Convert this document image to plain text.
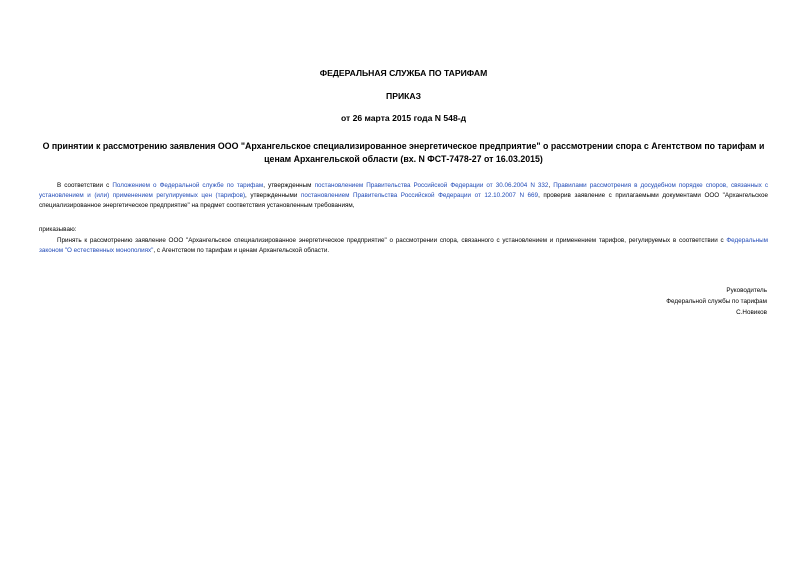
ФЕДЕРАЛЬНАЯ СЛУЖБА ПО ТАРИФАМ
ПРИКАЗ
от 26 марта 2015 года N 548-д
О принятии к рассмотрению заявления ООО "Архангельское специализированное энергетическое предприятие" о рассмотрении спора с Агентством по тарифам и ценам Архангельской области (вх. N ФСТ-7478-27 от 16.03.2015)
В соответствии с Положением о Федеральной службе по тарифам, утвержденным постановлением Правительства Российской Федерации от 30.06.2004 N 332, Правилами рассмотрения в досудебном порядке споров, связанных с установлением и (или) применением регулируемых цен (тарифов), утвержденными постановлением Правительства Российской Федерации от 12.10.2007 N 669, проверив заявление с прилагаемыми документами ООО "Архангельское специализированное энергетическое предприятие" на предмет соответствия установленным требованиям,
приказываю:
Принять к рассмотрению заявление ООО "Архангельское специализированное энергетическое предприятие" о рассмотрении спора, связанного с установлением и применением тарифов, регулируемых в соответствии с Федеральным законом "О естественных монополиях", с Агентством по тарифам и ценам Архангельской области.
Руководитель
Федеральной службы по тарифам
С.Новиков
